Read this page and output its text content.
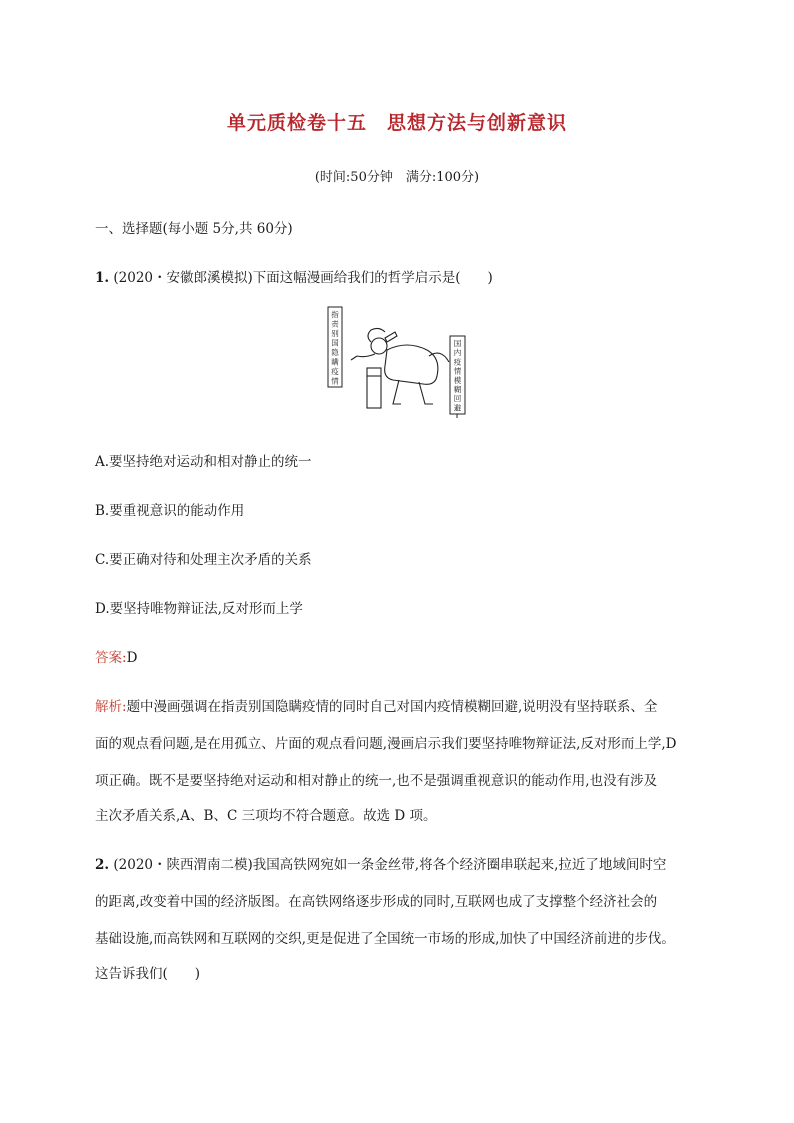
单元质检卷十五　思想方法与创新意识
(时间:50分钟　满分:100分)
一、选择题(每小题 5分,共 60分)
1. (2020・安徽郎溪模拟)下面这幅漫画给我们的哲学启示是(　　)
指
责
别
国
隐
瞒
疫
情
国
内
疫
情
模
糊
回
避
A.要坚持绝对运动和相对静止的统一
B.要重视意识的能动作用
C.要正确对待和处理主次矛盾的关系
D.要坚持唯物辩证法,反对形而上学
答案:D
解析:题中漫画强调在指责别国隐瞒疫情的同时自己对国内疫情模糊回避,说明没有坚持联系、全
面的观点看问题,是在用孤立、片面的观点看问题,漫画启示我们要坚持唯物辩证法,反对形而上学,D
项正确。既不是要坚持绝对运动和相对静止的统一,也不是强调重视意识的能动作用,也没有涉及
主次矛盾关系,A、B、C 三项均不符合题意。故选 D 项。
2. (2020・陕西渭南二模)我国高铁网宛如一条金丝带,将各个经济圈串联起来,拉近了地域间时空
的距离,改变着中国的经济版图。在高铁网络逐步形成的同时,互联网也成了支撑整个经济社会的
基础设施,而高铁网和互联网的交织,更是促进了全国统一市场的形成,加快了中国经济前进的步伐。
这告诉我们(　　)
